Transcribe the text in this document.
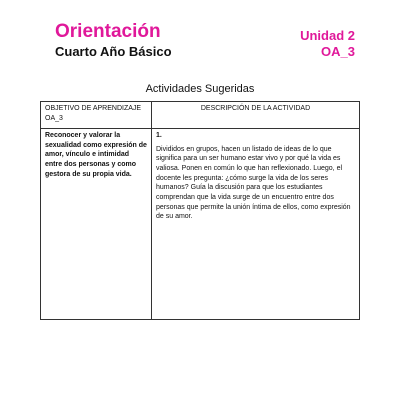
Orientación
Cuarto Año Básico
Unidad 2
OA_3
Actividades Sugeridas
OBJETIVO DE APRENDIZAJE OA_3	DESCRIPCIÓN DE LA ACTIVIDAD
Reconocer y valorar la sexualidad como expresión de amor, vínculo e intimidad entre dos personas y como gestora de su propia vida.	1.
Divididos en grupos, hacen un listado de ideas de lo que significa para un ser humano estar vivo y por qué la vida es valiosa. Ponen en común lo que han reflexionado. Luego, el docente les pregunta: ¿cómo surge la vida de los seres humanos? Guía la discusión para que los estudiantes comprendan que la vida surge de un encuentro entre dos personas que permite la unión íntima de ellos, como expresión de su amor.
